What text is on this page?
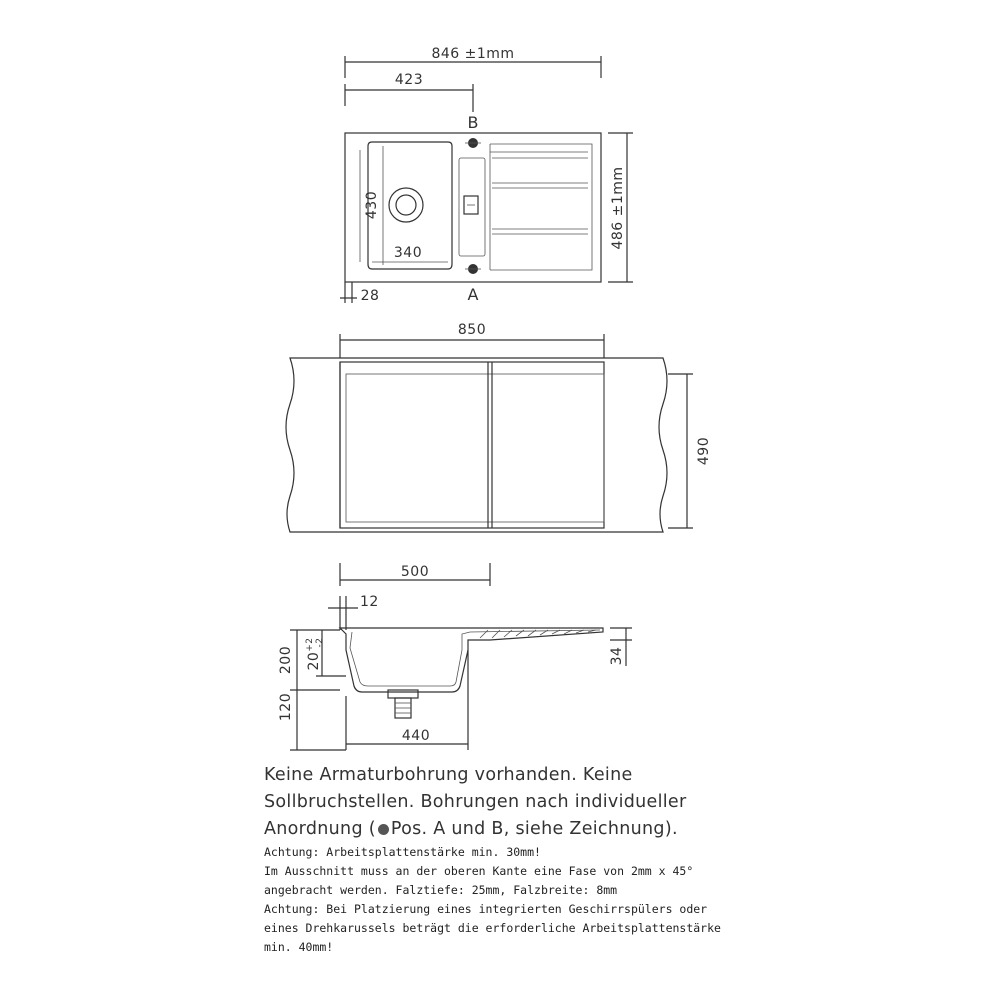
846 ±1mm
423
B
A
486 ±1mm
430
340
28
850
490
500
12
200
120
$20^{+2}-2$
440
34

Keine Armaturbohrung vorhanden. Keine

Sollbruchstellen. Bohrungen nach individueller

Anordnung ( Pos. A und B, siehe Zeichnung).

Achtung: Arbeitsplattenstärke min. 30mm!

Im Ausschnitt muss an der oberen Kante eine Fase von 2mm x 45°

angebracht werden. Falztiefe: 25mm, Falzbreite: 8mm

Achtung: Bei Platzierung eines integrierten Geschirrspülers oder

eines Drehkarussels beträgt die erforderliche Arbeitsplattenstärke

min. 40mm!
